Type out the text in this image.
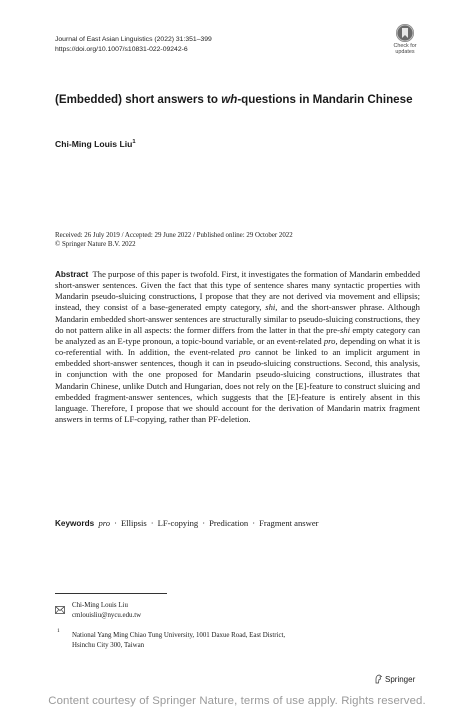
Journal of East Asian Linguistics (2022) 31:351–399
https://doi.org/10.1007/s10831-022-09242-6	Check for
updates
(Embedded) short answers to wh-questions in Mandarin Chinese
Chi-Ming Louis Liu$^1$
Received: 26 July 2019 / Accepted: 29 June 2022 / Published online: 29 October 2022
© Springer Nature B.V. 2022
Abstract The purpose of this paper is twofold. First, it investigates the formation of Mandarin embedded short-answer sentences. Given the fact that this type of sentence shares many syntactic properties with Mandarin pseudo-sluicing constructions, I propose that they are not derived via movement and ellipsis; instead, they consist of a base-generated empty category, shi, and the short-answer phrase. Although Mandarin embedded short-answer sentences are structurally similar to pseudo-sluicing constructions, they do not pattern alike in all aspects: the former differs from the latter in that the pre-shi empty category can be analyzed as an E-type pronoun, a topic-bound variable, or an event-related pro, depending on what it is co-referential with. In addition, the event-related pro cannot be linked to an implicit argument in embedded short-answer sentences, though it can in pseudo-sluicing constructions. Second, this analysis, in conjunction with the one proposed for Mandarin pseudo-sluicing constructions, illustrates that Mandarin Chinese, unlike Dutch and Hungarian, does not rely on the [E]-feature to construct sluicing and embedded fragment-answer sentences, which suggests that the [E]-feature is entirely absent in this language. Therefore, I propose that we should account for the derivation of Mandarin matrix fragment answers in terms of LF-copying, rather than PF-deletion.
Keywords pro · Ellipsis · LF-copying · Predication · Fragment answer
Chi-Ming Louis Liu
cmlouisliu@nycu.edu.tw
1
National Yang Ming Chiao Tung University, 1001 Daxue Road, East District,
Hsinchu City 300, Taiwan
Springer
Content courtesy of Springer Nature, terms of use apply. Rights reserved.
